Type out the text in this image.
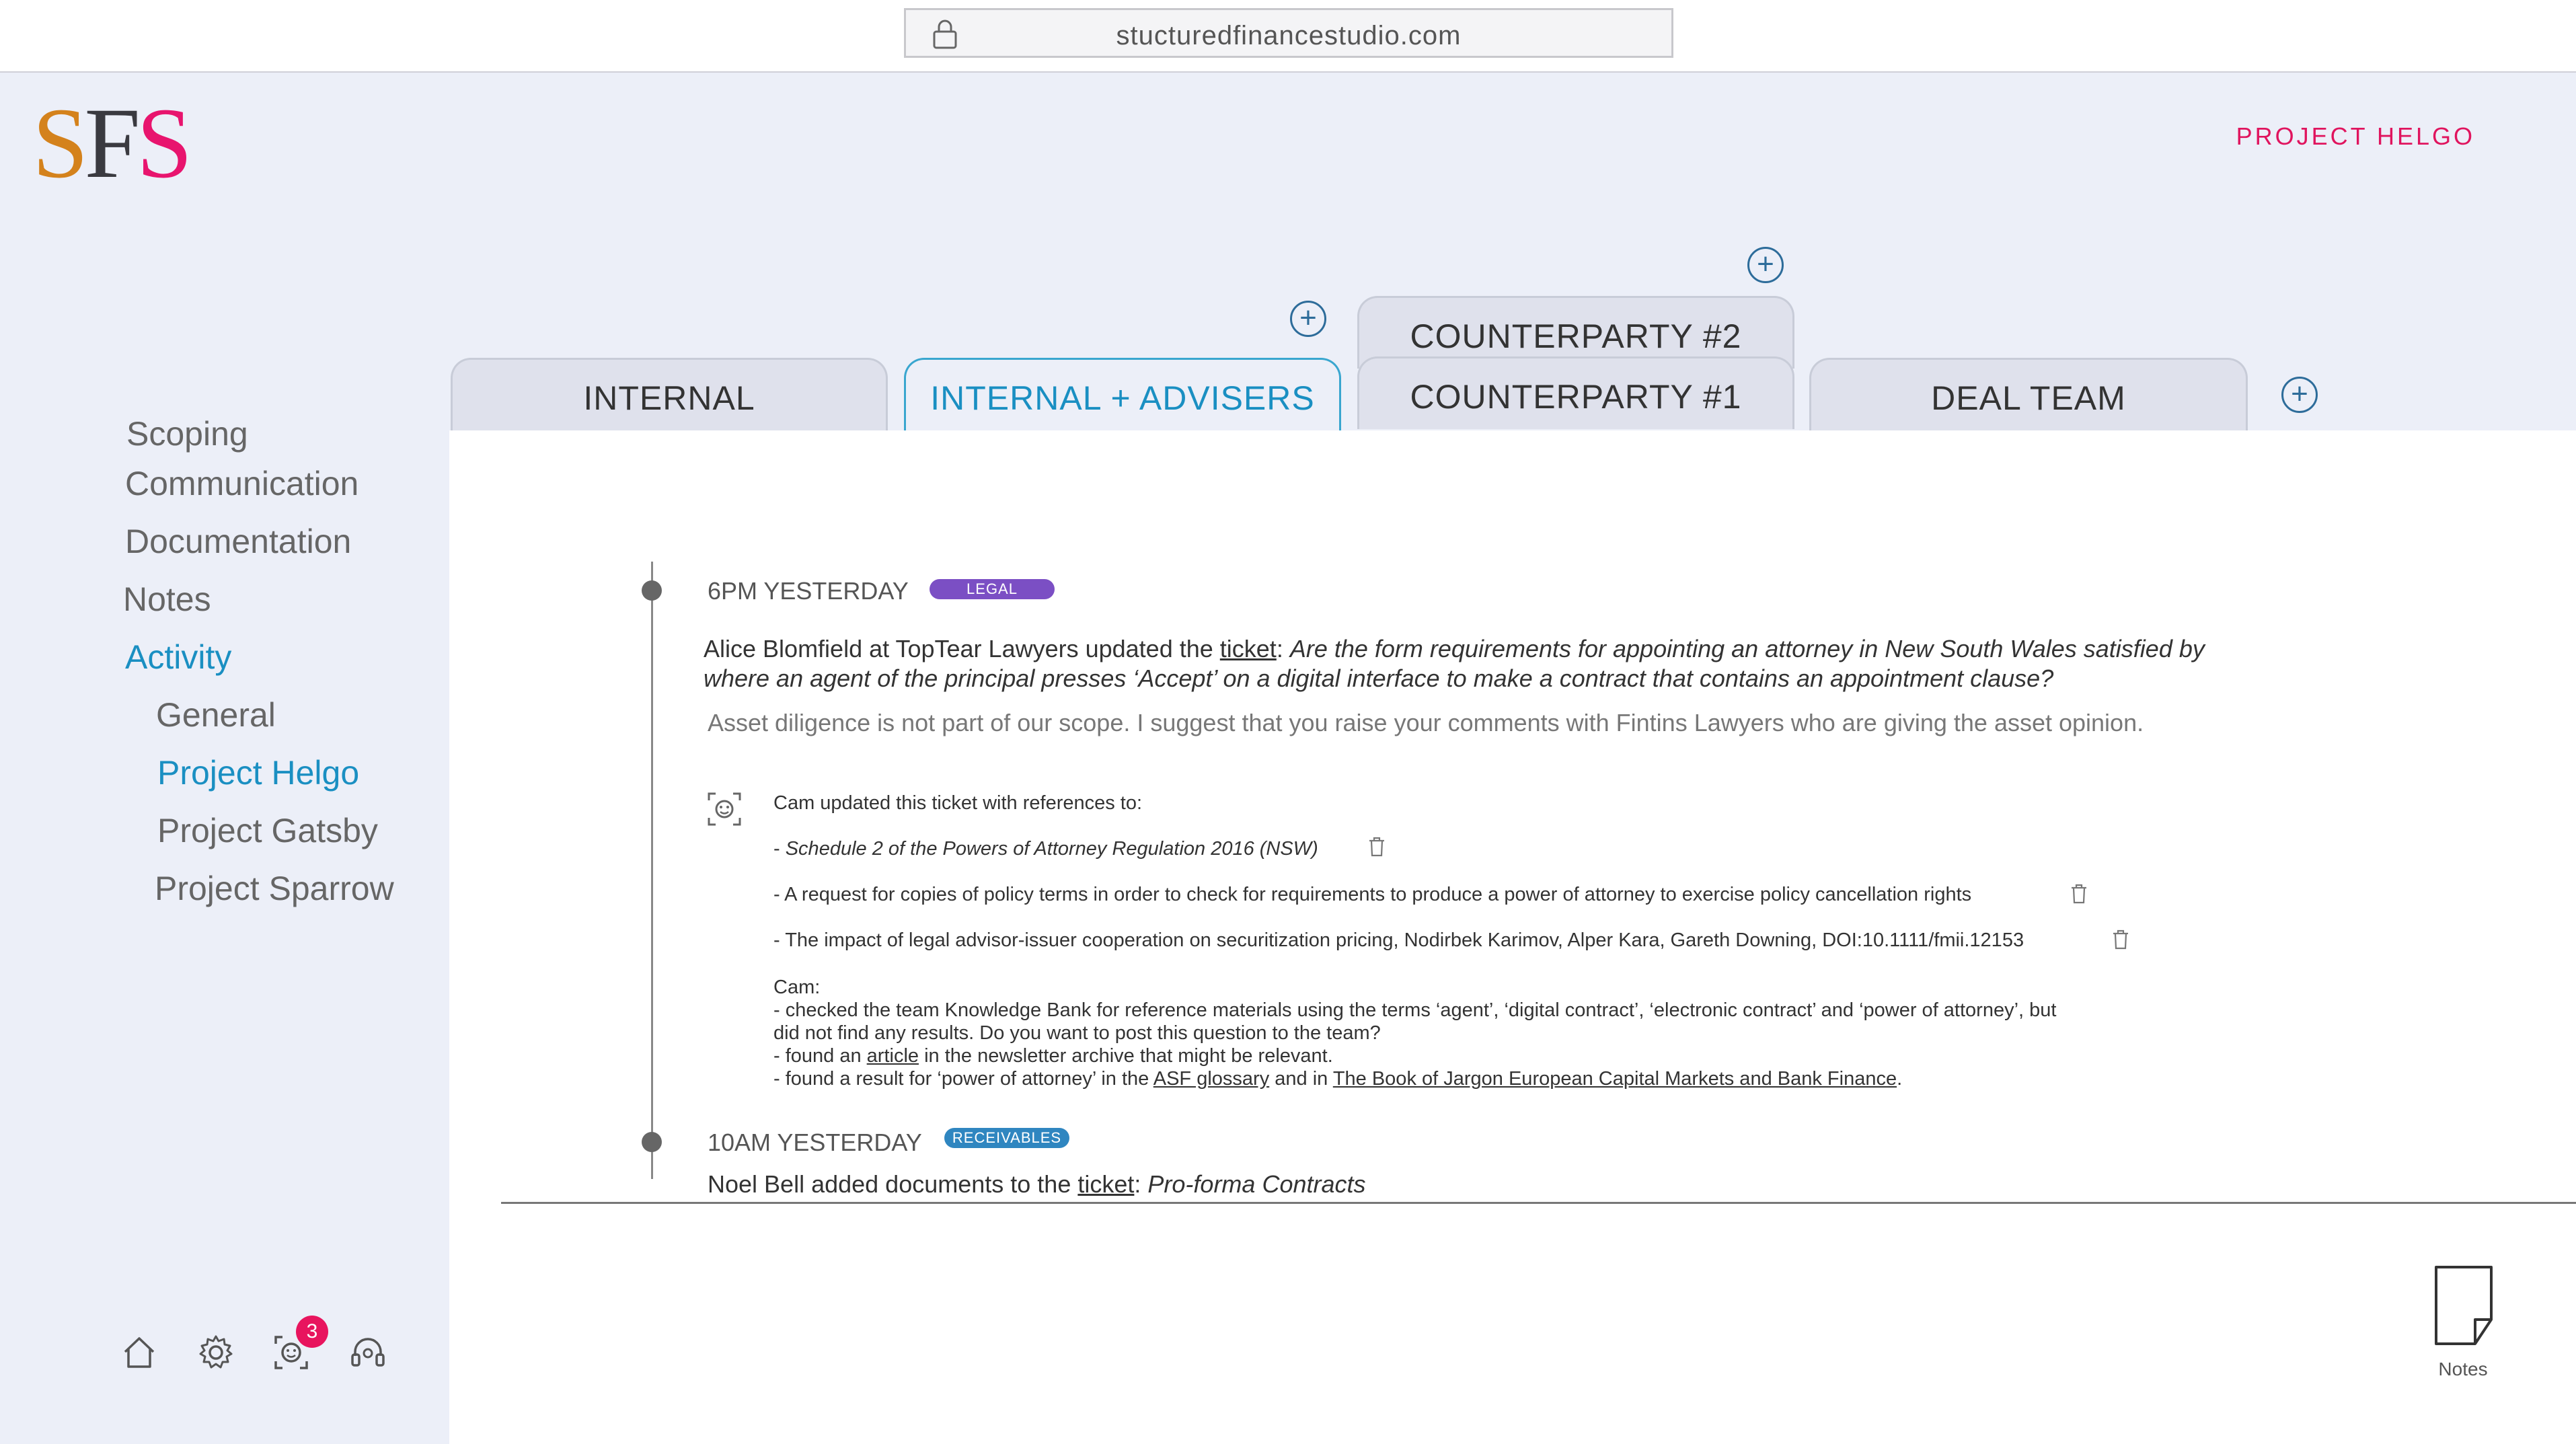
stucturedfinancestudio.com
SFS	PROJECT HELGO
Scoping
Communication
Documentation
Notes
Activity
General
Project Helgo
Project Gatsby
Project Sparrow
3
INTERNAL	INTERNAL + ADVISERS
COUNTERPARTY #2
COUNTERPARTY #1	DEAL TEAM
+
+
+
6PM YESTERDAY	LEGAL
Alice Blomfield at TopTear Lawyers updated the ticket: Are the form requirements for appointing an attorney in New South Wales satisfied by
where an agent of the principal presses ‘Accept’ on a digital interface to make a contract that contains an appointment clause?
Asset diligence is not part of our scope. I suggest that you raise your comments with Fintins Lawyers who are giving the asset opinion.
Cam updated this ticket with references to:
- Schedule 2 of the Powers of Attorney Regulation 2016 (NSW)
- A request for copies of policy terms in order to check for requirements to produce a power of attorney to exercise policy cancellation rights
- The impact of legal advisor-issuer cooperation on securitization pricing, Nodirbek Karimov, Alper Kara, Gareth Downing, DOI:10.1111/fmii.12153
Cam:
- checked the team Knowledge Bank for reference materials using the terms ‘agent’, ‘digital contract’, ‘electronic contract’ and ‘power of attorney’, but
did not find any results. Do you want to post this question to the team?
- found an article in the newsletter archive that might be relevant.
- found a result for ‘power of attorney’ in the ASF glossary and in The Book of Jargon European Capital Markets and Bank Finance.
10AM YESTERDAY	RECEIVABLES
Noel Bell added documents to the ticket: Pro-forma Contracts
Notes
